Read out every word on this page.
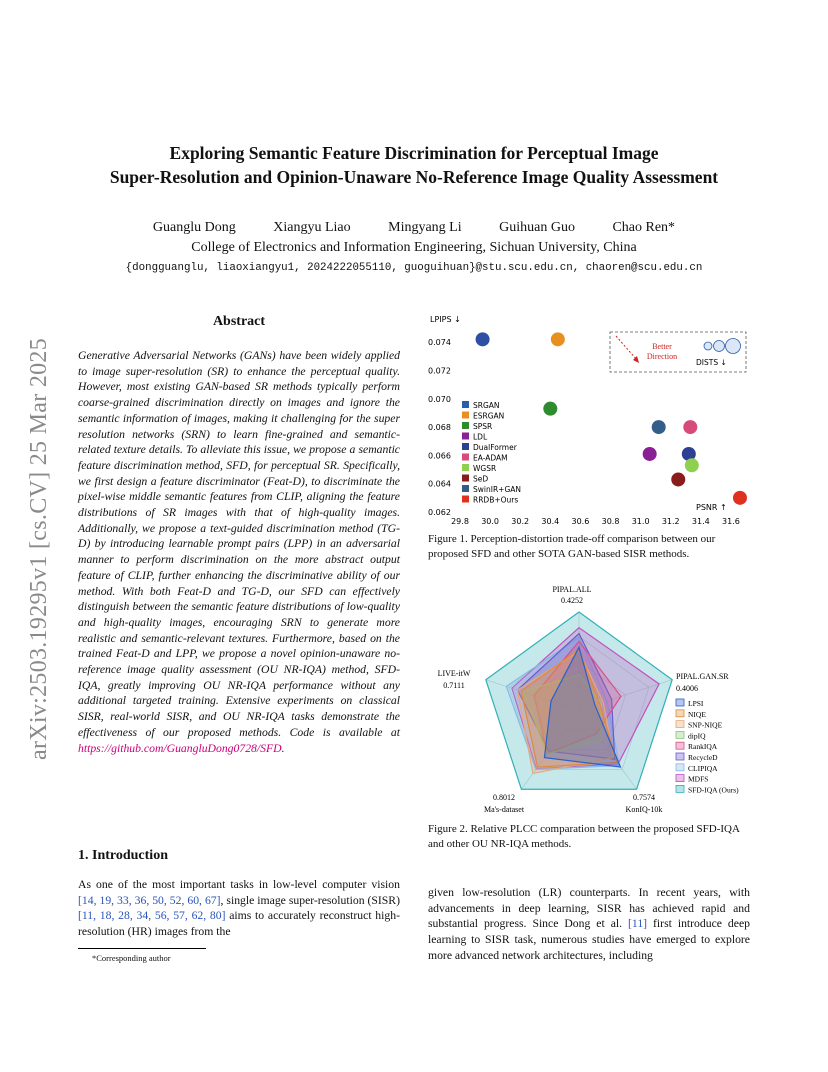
arXiv:2503.19295v1 [cs.CV] 25 Mar 2025
Exploring Semantic Feature Discrimination for Perceptual Image
Super-Resolution and Opinion-Unaware No-Reference Image Quality Assessment
Guanglu Dong	Xiangyu Liao	Mingyang Li	Guihuan Guo	Chao Ren*
College of Electronics and Information Engineering, Sichuan University, China
{dongguanglu, liaoxiangyu1, 2024222055110, guoguihuan}@stu.scu.edu.cn, chaoren@scu.edu.cn
Abstract
Generative Adversarial Networks (GANs) have been widely applied to image super-resolution (SR) to enhance the perceptual quality. However, most existing GAN-based SR methods typically perform coarse-grained discrimination directly on images and ignore the semantic information of images, making it challenging for the super resolution networks (SRN) to learn fine-grained and semantic-related texture details. To alleviate this issue, we propose a semantic feature discrimination method, SFD, for perceptual SR. Specifically, we first design a feature discriminator (Feat-D), to discriminate the pixel-wise middle semantic features from CLIP, aligning the feature distributions of SR images with that of high-quality images. Additionally, we propose a text-guided discrimination method (TG-D) by introducing learnable prompt pairs (LPP) in an adversarial manner to perform discrimination on the more abstract output feature of CLIP, further enhancing the discriminative ability of our method. With both Feat-D and TG-D, our SFD can effectively distinguish between the semantic feature distributions of low-quality and high-quality images, encouraging SRN to generate more realistic and semantic-relevant textures. Furthermore, based on the trained Feat-D and LPP, we propose a novel opinion-unaware no-reference image quality assessment (OU NR-IQA) method, SFD-IQA, greatly improving OU NR-IQA performance without any additional targeted training. Extensive experiments on classical SISR, real-world SISR, and OU NR-IQA tasks demonstrate the effectiveness of our proposed methods. Code is available at https://github.com/GuangluDong0728/SFD.
1. Introduction
As one of the most important tasks in low-level computer vision [14, 19, 33, 36, 50, 52, 60, 67], single image super-resolution (SISR) [11, 18, 28, 34, 56, 57, 62, 80] aims to accurately reconstruct high-resolution (HR) images from the
*Corresponding author
given low-resolution (LR) counterparts. In recent years, with advancements in deep learning, SISR has achieved rapid and substantial progress. Since Dong et al. [11] first introduce deep learning to SISR task, numerous studies have emerged to explore more advanced network architectures, including
LPIPS ↓
0.062
0.064
0.066
0.068
0.070
0.072
0.074
29.8 30.0 30.2 30.4 30.6 30.8 31.0 31.2 31.4 31.6
PSNR ↑
SRGAN
ESRGAN
SPSR
LDL
DualFormer
EA-ADAM
WGSR
SeD
SwinIR+GAN
RRDB+Ours
Better
Direction
DISTS ↓
Figure 1. Perception-distortion trade-off comparison between our proposed SFD and other SOTA GAN-based SISR methods.
PIPAL.ALL
0.4252
PIPAL.GAN.SR
0.4006
KonIQ-10k
0.7574
Ma's-dataset
0.8012
LIVE-itW
0.7111
LPSI
NIQE
SNP-NIQE
dipIQ
RankIQA
RecycleD
CLIPIQA
MDFS
SFD-IQA (Ours)
Figure 2. Relative PLCC comparation between the proposed SFD-IQA and other OU NR-IQA methods.
